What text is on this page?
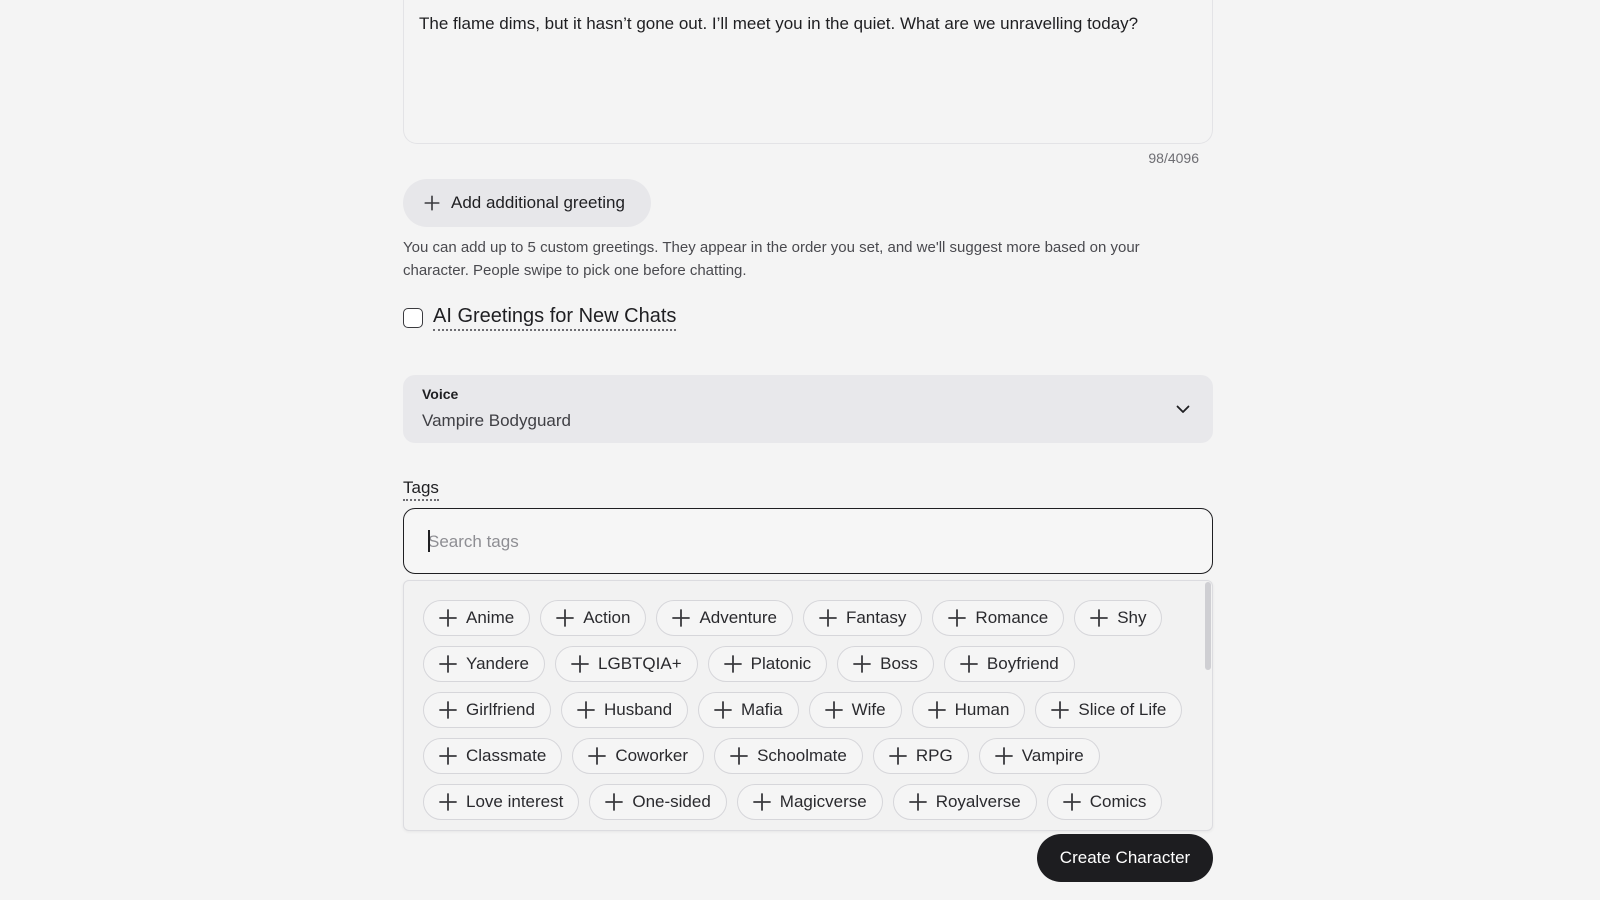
The flame dims, but it hasn’t gone out. I’ll meet you in the quiet. What are we unravelling today?
98/4096
Add additional greeting
You can add up to 5 custom greetings. They appear in the order you set, and we'll suggest more based on your character. People swipe to pick one before chatting.
AI Greetings for New Chats
Voice
Vampire Bodyguard
Tags
Search tags
Anime	Action	Adventure	Fantasy	Romance	Shy
Yandere	LGBTQIA+	Platonic	Boss	Boyfriend
Girlfriend	Husband	Mafia	Wife	Human	Slice of Life
Classmate	Coworker	Schoolmate	RPG	Vampire
Love interest	One-sided	Magicverse	Royalverse	Comics
Create Character
